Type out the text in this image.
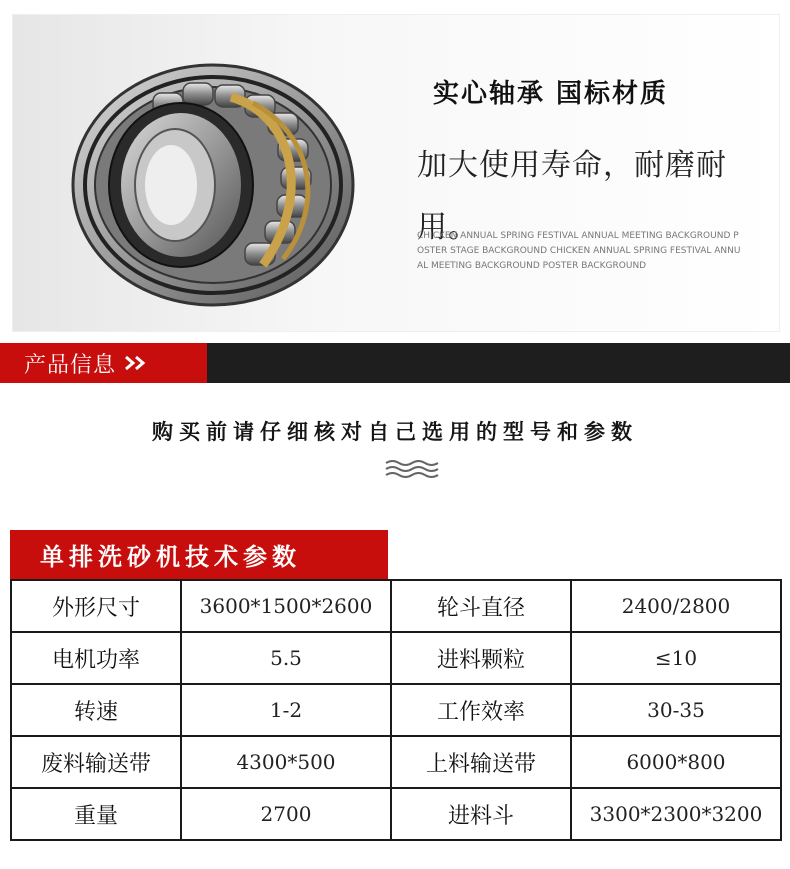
实心轴承 国标材质
加大使用寿命，耐磨耐用。
CHICKEN ANNUAL SPRING FESTIVAL ANNUAL MEETING BACKGROUND POSTER STAGE BACKGROUND CHICKEN ANNUAL SPRING FESTIVAL ANNUAL MEETING BACKGROUND POSTER BACKGROUND
产品信息
购买前请仔细核对自己选用的型号和参数
单排洗砂机技术参数
外形尺寸	3600*1500*2600	轮斗直径	2400/2800
电机功率	5.5	进料颗粒	≤10
转速	1-2	工作效率	30-35
废料输送带	4300*500	上料输送带	6000*800
重量	2700	进料斗	3300*2300*3200
